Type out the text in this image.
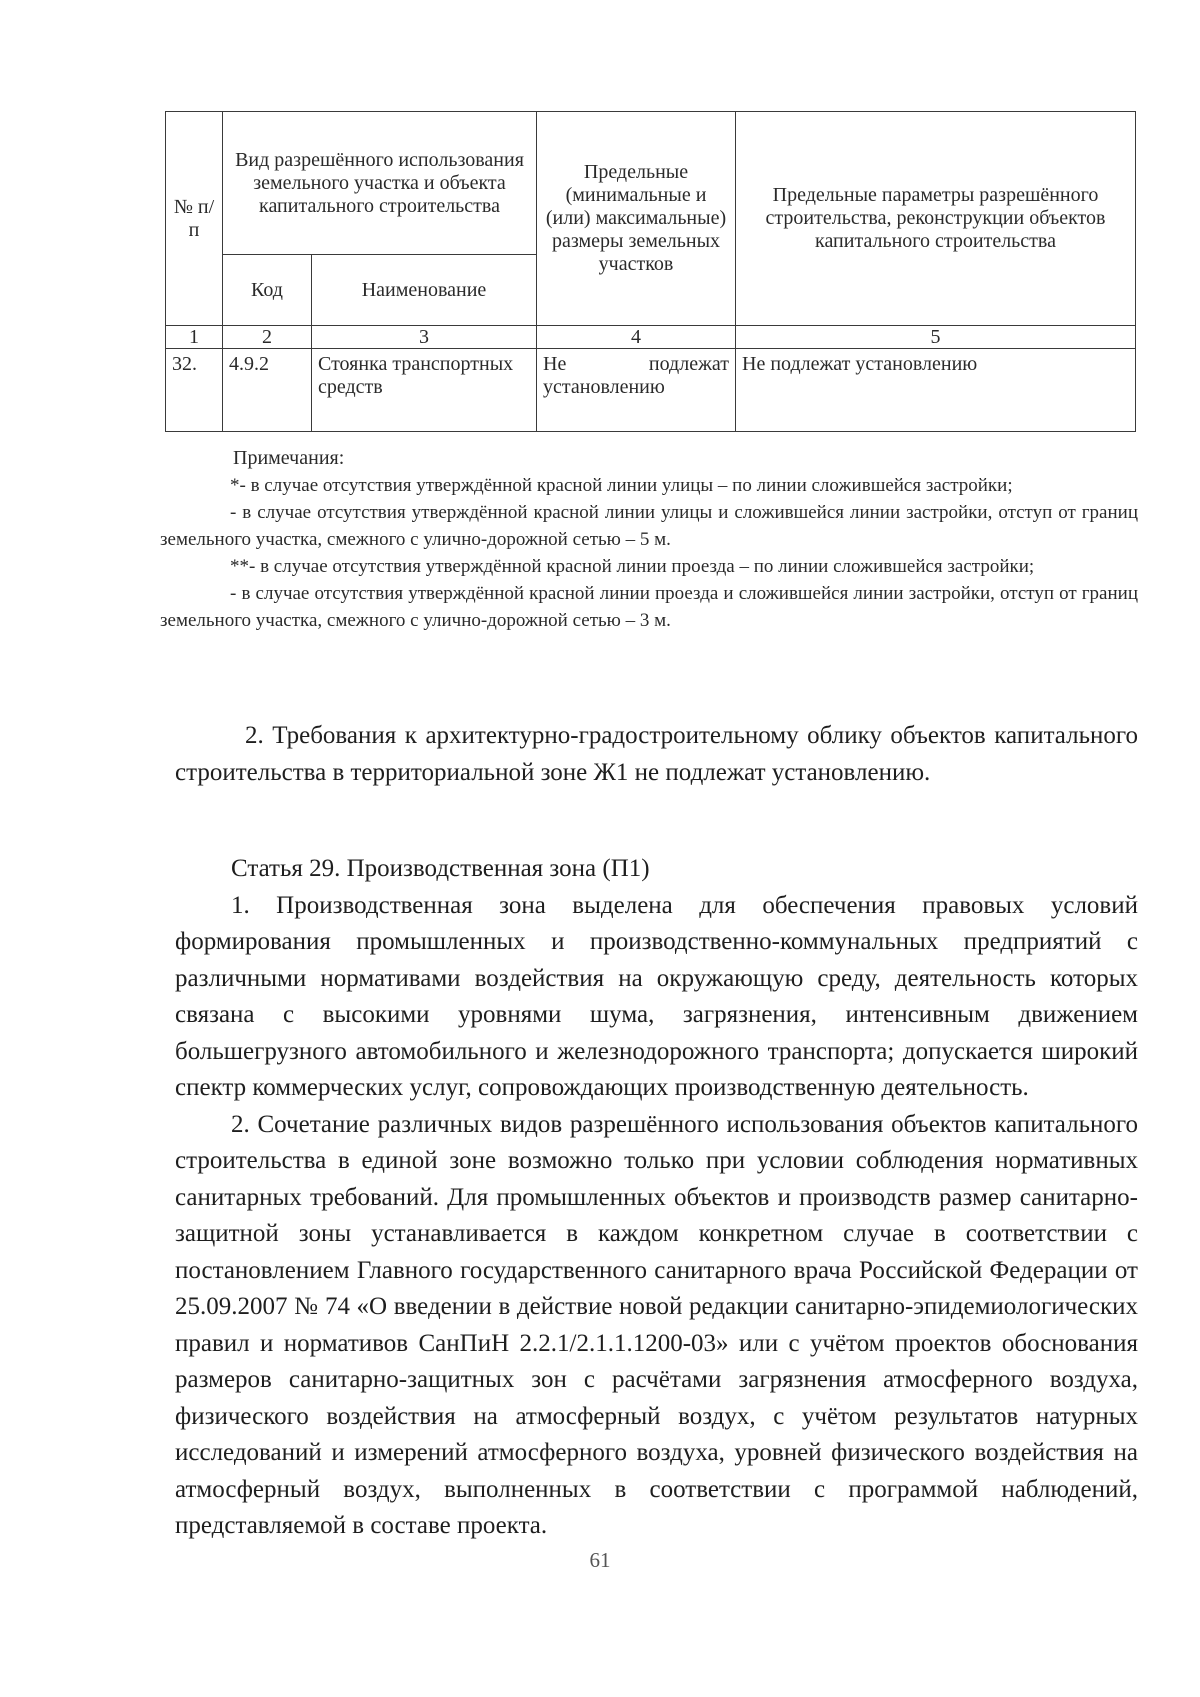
№ п/п	Вид разрешённого использования земельного участка и объекта капитального строительства		Предельные (минимальные и (или) максимальные) размеры земельных участков	Предельные параметры разрешённого строительства, реконструкции объектов капитального строительства
	Код	Наименование		
1	2	3	4	5
32.	4.9.2	Стоянка транспортных средств	Не подлежат установлению	Не подлежат установлению

Примечания:

*- в случае отсутствия утверждённой красной линии улицы – по линии сложившейся застройки;

- в случае отсутствия утверждённой красной линии улицы и сложившейся линии застройки, отступ от границ земельного участка, смежного с улично-дорожной сетью – 5 м.

**- в случае отсутствия утверждённой красной линии проезда – по линии сложившейся застройки;

- в случае отсутствия утверждённой красной линии проезда и сложившейся линии застройки, отступ от границ земельного участка, смежного с улично-дорожной сетью – 3 м.

2. Требования к архитектурно-градостроительному облику объектов капитального строительства в территориальной зоне Ж1 не подлежат установлению.

Статья 29. Производственная зона (П1)

1. Производственная зона выделена для обеспечения правовых условий формирования промышленных и производственно-коммунальных предприятий с различными нормативами воздействия на окружающую среду, деятельность которых связана с высокими уровнями шума, загрязнения, интенсивным движением большегрузного автомобильного и железнодорожного транспорта; допускается широкий спектр коммерческих услуг, сопровождающих производственную деятельность.

2. Сочетание различных видов разрешённого использования объектов капитального строительства в единой зоне возможно только при условии соблюдения нормативных санитарных требований. Для промышленных объектов и производств размер санитарно-защитной зоны устанавливается в каждом конкретном случае в соответствии с постановлением Главного государственного санитарного врача Российской Федерации от 25.09.2007 № 74 «О введении в действие новой редакции санитарно-эпидемиологических правил и нормативов СанПиН 2.2.1/2.1.1.1200-03» или с учётом проектов обоснования размеров санитарно-защитных зон с расчётами загрязнения атмосферного воздуха, физического воздействия на атмосферный воздух, с учётом результатов натурных исследований и измерений атмосферного воздуха, уровней физического воздействия на атмосферный воздух, выполненных в соответствии с программой наблюдений, представляемой в составе проекта.

61
